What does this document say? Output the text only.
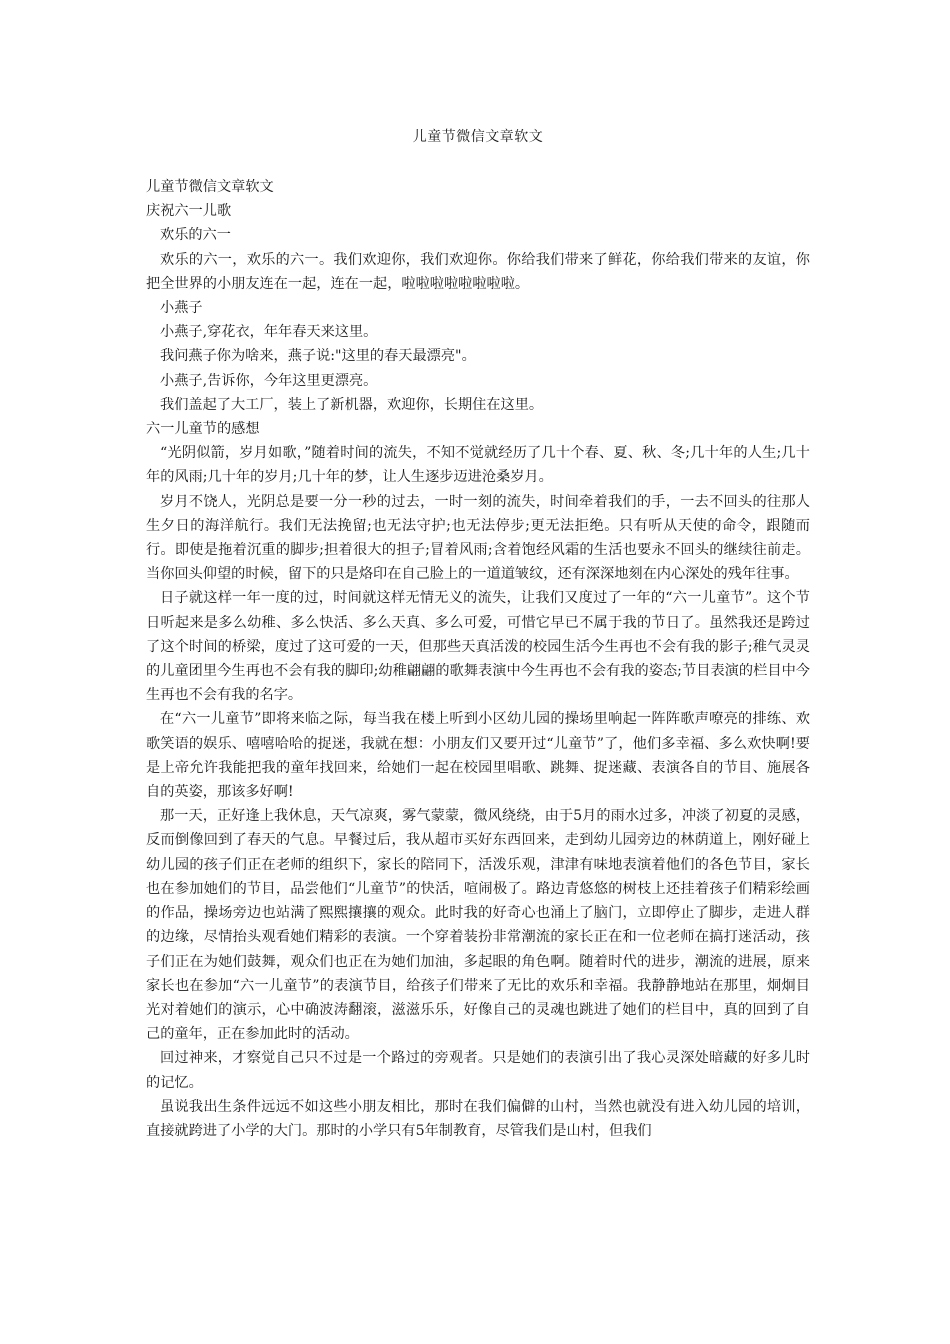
儿童节微信文章软文

儿童节微信文章软文

庆祝六一儿歌

欢乐的六一

欢乐的六一，欢乐的六一。我们欢迎你，我们欢迎你。你给我们带来了鲜花，你给我们带来的友谊，你把全世界的小朋友连在一起，连在一起，啦啦啦啦啦啦啦啦。

小燕子

小燕子,穿花衣，年年春天来这里。

我问燕子你为啥来，燕子说:"这里的春天最漂亮"。

小燕子,告诉你，今年这里更漂亮。

我们盖起了大工厂，装上了新机器，欢迎你，长期住在这里。

六一儿童节的感想

“光阴似箭，岁月如歌，”随着时间的流失，不知不觉就经历了几十个春、夏、秋、冬;几十年的人生;几十年的风雨;几十年的岁月;几十年的梦，让人生逐步迈进沧桑岁月。

岁月不饶人，光阴总是要一分一秒的过去，一时一刻的流失，时间牵着我们的手，一去不回头的往那人生夕日的海洋航行。我们无法挽留;也无法守护;也无法停步;更无法拒绝。只有听从天使的命令，跟随而行。即使是拖着沉重的脚步;担着很大的担子;冒着风雨;含着饱经风霜的生活也要永不回头的继续往前走。当你回头仰望的时候，留下的只是烙印在自己脸上的一道道皱纹，还有深深地刻在内心深处的残年往事。

日子就这样一年一度的过，时间就这样无情无义的流失，让我们又度过了一年的“六一儿童节”。这个节日听起来是多么幼稚、多么快活、多么天真、多么可爱，可惜它早已不属于我的节日了。虽然我还是跨过了这个时间的桥梁，度过了这可爱的一天，但那些天真活泼的校园生活今生再也不会有我的影子;稚气灵灵的儿童团里今生再也不会有我的脚印;幼稚翩翩的歌舞表演中今生再也不会有我的姿态;节目表演的栏目中今生再也不会有我的名字。

在“六一儿童节”即将来临之际，每当我在楼上听到小区幼儿园的操场里响起一阵阵歌声嘹亮的排练、欢歌笑语的娱乐、嘻嘻哈哈的捉迷，我就在想：小朋友们又要开过“儿童节”了，他们多幸福、多么欢快啊!要是上帝允许我能把我的童年找回来，给她们一起在校园里唱歌、跳舞、捉迷藏、表演各自的节目、施展各自的英姿，那该多好啊!

那一天，正好逢上我休息，天气凉爽，雾气蒙蒙，微风绕绕，由于5月的雨水过多，冲淡了初夏的灵感，反而倒像回到了春天的气息。早餐过后，我从超市买好东西回来，走到幼儿园旁边的林荫道上，刚好碰上幼儿园的孩子们正在老师的组织下，家长的陪同下，活泼乐观，津津有味地表演着他们的各色节目，家长也在参加她们的节目，品尝他们“儿童节”的快活，喧闹极了。路边青悠悠的树枝上还挂着孩子们精彩绘画的作品，操场旁边也站满了熙熙攘攘的观众。此时我的好奇心也涌上了脑门，立即停止了脚步，走进人群的边缘，尽情抬头观看她们精彩的表演。一个穿着装扮非常潮流的家长正在和一位老师在搞打迷活动，孩子们正在为她们鼓舞，观众们也正在为她们加油，多起眼的角色啊。随着时代的进步，潮流的进展，原来家长也在参加“六一儿童节”的表演节目，给孩子们带来了无比的欢乐和幸福。我静静地站在那里，炯炯目光对着她们的演示，心中确波涛翻滚，滋滋乐乐，好像自己的灵魂也跳进了她们的栏目中，真的回到了自己的童年，正在参加此时的活动。

回过神来，才察觉自己只不过是一个路过的旁观者。只是她们的表演引出了我心灵深处暗藏的好多儿时的记忆。

虽说我出生条件远远不如这些小朋友相比，那时在我们偏僻的山村，当然也就没有进入幼儿园的培训，直接就跨进了小学的大门。那时的小学只有5年制教育，尽管我们是山村，但我们
